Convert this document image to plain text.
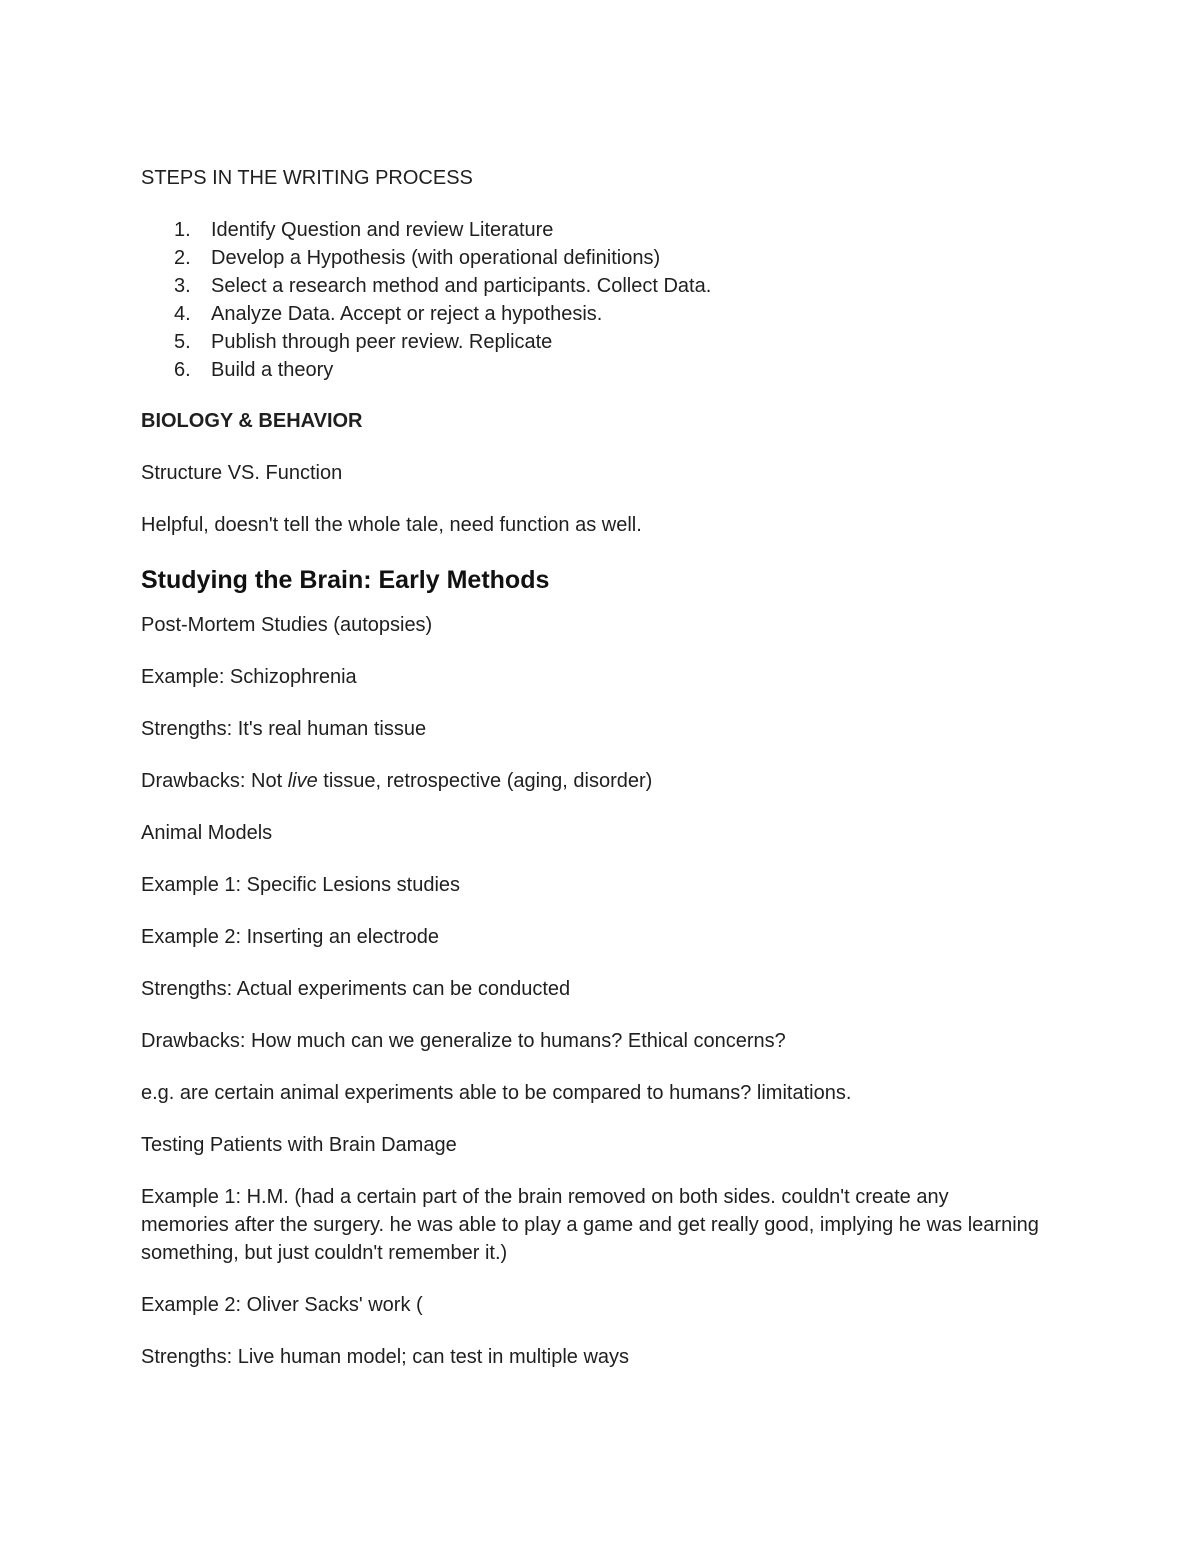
STEPS IN THE WRITING PROCESS

1.	Identify Question and review Literature
2.	Develop a Hypothesis (with operational definitions)
3.	Select a research method and participants. Collect Data.
4.	Analyze Data. Accept or reject a hypothesis.
5.	Publish through peer review. Replicate
6.	Build a theory

BIOLOGY & BEHAVIOR

Structure VS. Function

Helpful, doesn't tell the whole tale, need function as well.

Studying the Brain: Early Methods

Post-Mortem Studies (autopsies)

Example: Schizophrenia

Strengths: It's real human tissue

Drawbacks: Not live tissue, retrospective (aging, disorder)

Animal Models

Example 1: Specific Lesions studies

Example 2: Inserting an electrode

Strengths: Actual experiments can be conducted

Drawbacks: How much can we generalize to humans? Ethical concerns?

e.g. are certain animal experiments able to be compared to humans? limitations.

Testing Patients with Brain Damage

Example 1: H.M. (had a certain part of the brain removed on both sides. couldn't create any memories after the surgery. he was able to play a game and get really good, implying he was learning something, but just couldn't remember it.)

Example 2: Oliver Sacks' work (

Strengths: Live human model; can test in multiple ways
